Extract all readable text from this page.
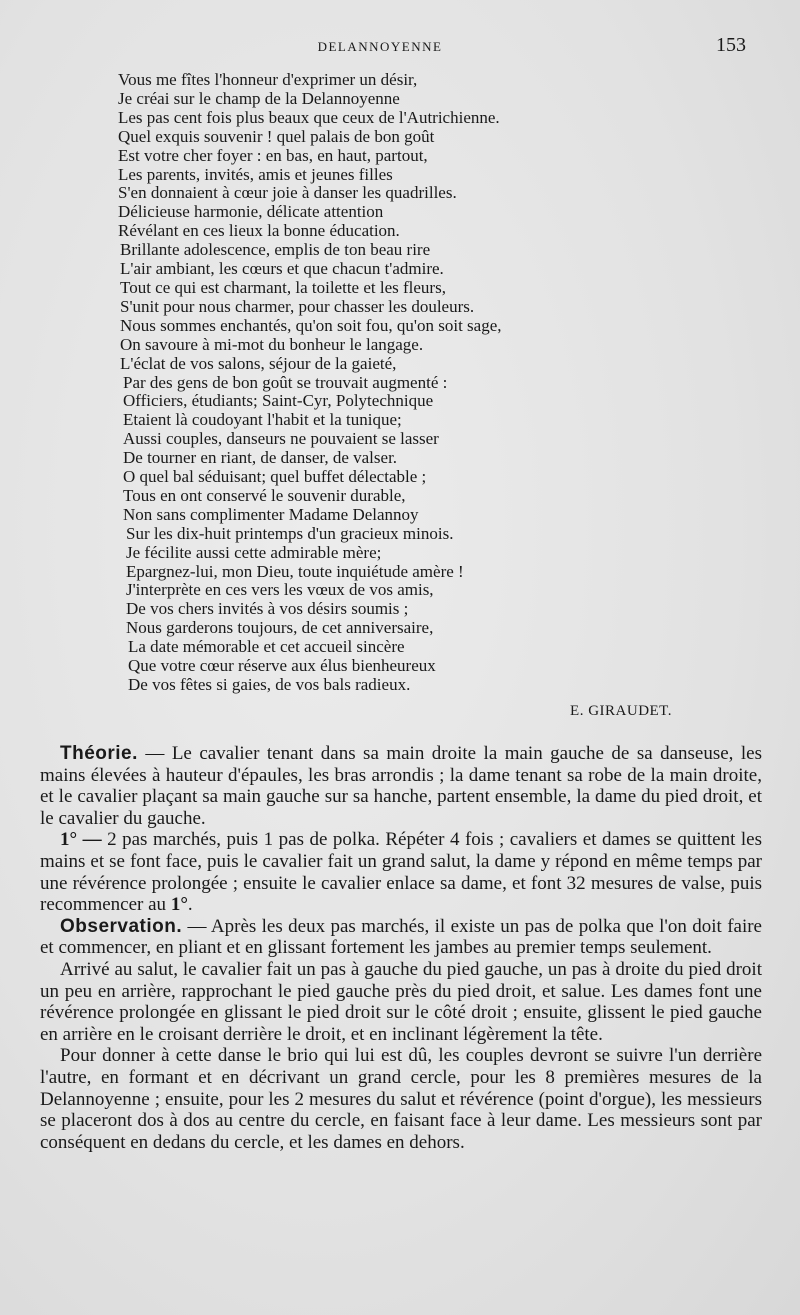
DELANNOYENNE	153
Vous me fîtes l'honneur d'exprimer un désir,
Je créai sur le champ de la Delannoyenne
Les pas cent fois plus beaux que ceux de l'Autrichienne.
Quel exquis souvenir ! quel palais de bon goût
Est votre cher foyer : en bas, en haut, partout,
Les parents, invités, amis et jeunes filles
S'en donnaient à cœur joie à danser les quadrilles.
Délicieuse harmonie, délicate attention
Révélant en ces lieux la bonne éducation.
Brillante adolescence, emplis de ton beau rire
L'air ambiant, les cœurs et que chacun t'admire.
Tout ce qui est charmant, la toilette et les fleurs,
S'unit pour nous charmer, pour chasser les douleurs.
Nous sommes enchantés, qu'on soit fou, qu'on soit sage,
On savoure à mi-mot du bonheur le langage.
L'éclat de vos salons, séjour de la gaieté,
Par des gens de bon goût se trouvait augmenté :
Officiers, étudiants; Saint-Cyr, Polytechnique
Etaient là coudoyant l'habit et la tunique;
Aussi couples, danseurs ne pouvaient se lasser
De tourner en riant, de danser, de valser.
O quel bal séduisant; quel buffet délectable ;
Tous en ont conservé le souvenir durable,
Non sans complimenter Madame Delannoy
Sur les dix-huit printemps d'un gracieux minois.
Je fécilite aussi cette admirable mère;
Epargnez-lui, mon Dieu, toute inquiétude amère !
J'interprète en ces vers les vœux de vos amis,
De vos chers invités à vos désirs soumis ;
Nous garderons toujours, de cet anniversaire,
La date mémorable et cet accueil sincère
Que votre cœur réserve aux élus bienheureux
De vos fêtes si gaies, de vos bals radieux.
E. GIRAUDET.

Théorie. — Le cavalier tenant dans sa main droite la main gauche de sa danseuse, les mains élevées à hauteur d'épaules, les bras arrondis ; la dame tenant sa robe de la main droite, et le cavalier plaçant sa main gauche sur sa hanche, partent ensemble, la dame du pied droit, et le cavalier du gauche.

1° — 2 pas marchés, puis 1 pas de polka. Répéter 4 fois ; cavaliers et dames se quittent les mains et se font face, puis le cavalier fait un grand salut, la dame y répond en même temps par une révérence prolongée ; ensuite le cavalier enlace sa dame, et font 32 mesures de valse, puis recommencer au 1°.

Observation. — Après les deux pas marchés, il existe un pas de polka que l'on doit faire et commencer, en pliant et en glissant fortement les jambes au premier temps seulement.

Arrivé au salut, le cavalier fait un pas à gauche du pied gauche, un pas à droite du pied droit un peu en arrière, rapprochant le pied gauche près du pied droit, et salue. Les dames font une révérence prolongée en glissant le pied droit sur le côté droit ; ensuite, glissent le pied gauche en arrière en le croisant derrière le droit, et en inclinant légèrement la tête.

Pour donner à cette danse le brio qui lui est dû, les couples devront se suivre l'un derrière l'autre, en formant et en décrivant un grand cercle, pour les 8 premières mesures de la Delannoyenne ; ensuite, pour les 2 mesures du salut et révérence (point d'orgue), les messieurs se placeront dos à dos au centre du cercle, en faisant face à leur dame. Les messieurs sont par conséquent en dedans du cercle, et les dames en dehors.
